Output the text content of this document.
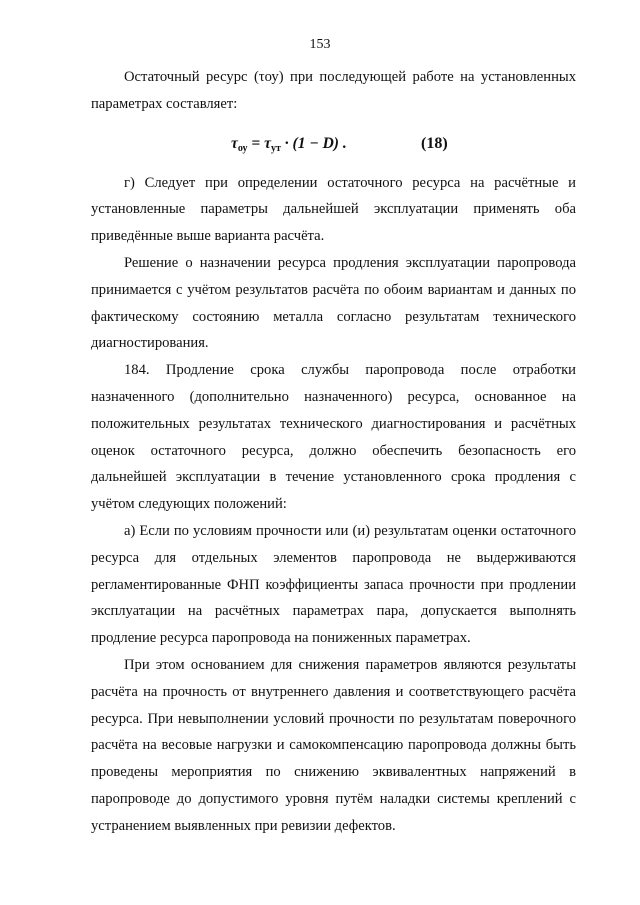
153

Остаточный ресурс (τоу) при последующей работе на установленных параметрах составляет:

$\tau_{оу} = \tau_{ут} \cdot (1 - D)$ .	(18)

г) Следует при определении остаточного ресурса на расчётные и установленные параметры дальнейшей эксплуатации применять оба приведённые выше варианта расчёта.

Решение о назначении ресурса продления эксплуатации паропровода принимается с учётом результатов расчёта по обоим вариантам и данных по фактическому состоянию металла согласно результатам технического диагностирования.

184. Продление срока службы паропровода после отработки назначенного (дополнительно назначенного) ресурса, основанное на положительных результатах технического диагностирования и расчётных оценок остаточного ресурса, должно обеспечить безопасность его дальнейшей эксплуатации в течение установленного срока продления с учётом следующих положений:

а) Если по условиям прочности или (и) результатам оценки остаточного ресурса для отдельных элементов паропровода не выдерживаются регламентированные ФНП коэффициенты запаса прочности при продлении эксплуатации на расчётных параметрах пара, допускается выполнять продление ресурса паропровода на пониженных параметрах.

При этом основанием для снижения параметров являются результаты расчёта на прочность от внутреннего давления и соответствующего расчёта ресурса. При невыполнении условий прочности по результатам поверочного расчёта на весовые нагрузки и самокомпенсацию паропровода должны быть проведены мероприятия по снижению эквивалентных напряжений в паропроводе до допустимого уровня путём наладки системы креплений с устранением выявленных при ревизии дефектов.
